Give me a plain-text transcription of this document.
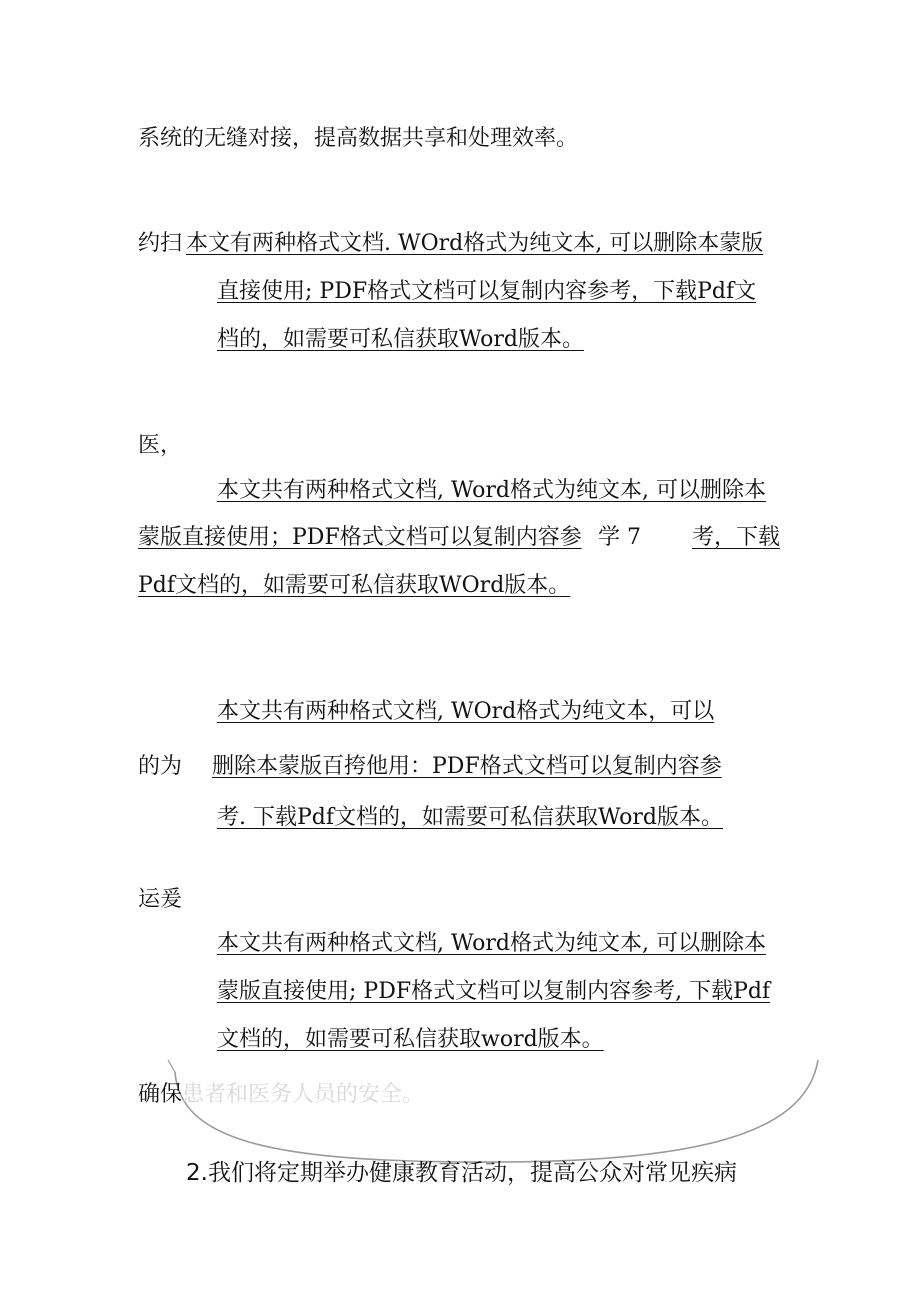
系统的无缝对接，提高数据共享和处理效率。
约扫 本文有两种格式文档. WOrd格式为纯文本, 可以删除本蒙版
直接使用; PDF格式文档可以复制内容参考，下载Pdf文
档的，如需要可私信获取Word版本。
医，
本文共有两种格式文档, Word格式为纯文本, 可以删除本
蒙版直接使用；PDF格式文档可以复制内容参 学 7 考，下载
Pdf文档的，如需要可私信获取WOrd版本。
本文共有两种格式文档, WOrd格式为纯文本，可以
的为 删除本蒙版百挎他用：PDF格式文档可以复制内容参
考. 下载Pdf文档的，如需要可私信获取Word版本。
运爰
本文共有两种格式文档, Word格式为纯文本, 可以删除本
蒙版直接使用; PDF格式文档可以复制内容参考, 下载Pdf
文档的，如需要可私信获取word版本。
确保 患者和医务人员的安全。
2.我们将定期举办健康教育活动，提高公众对常见疾病
